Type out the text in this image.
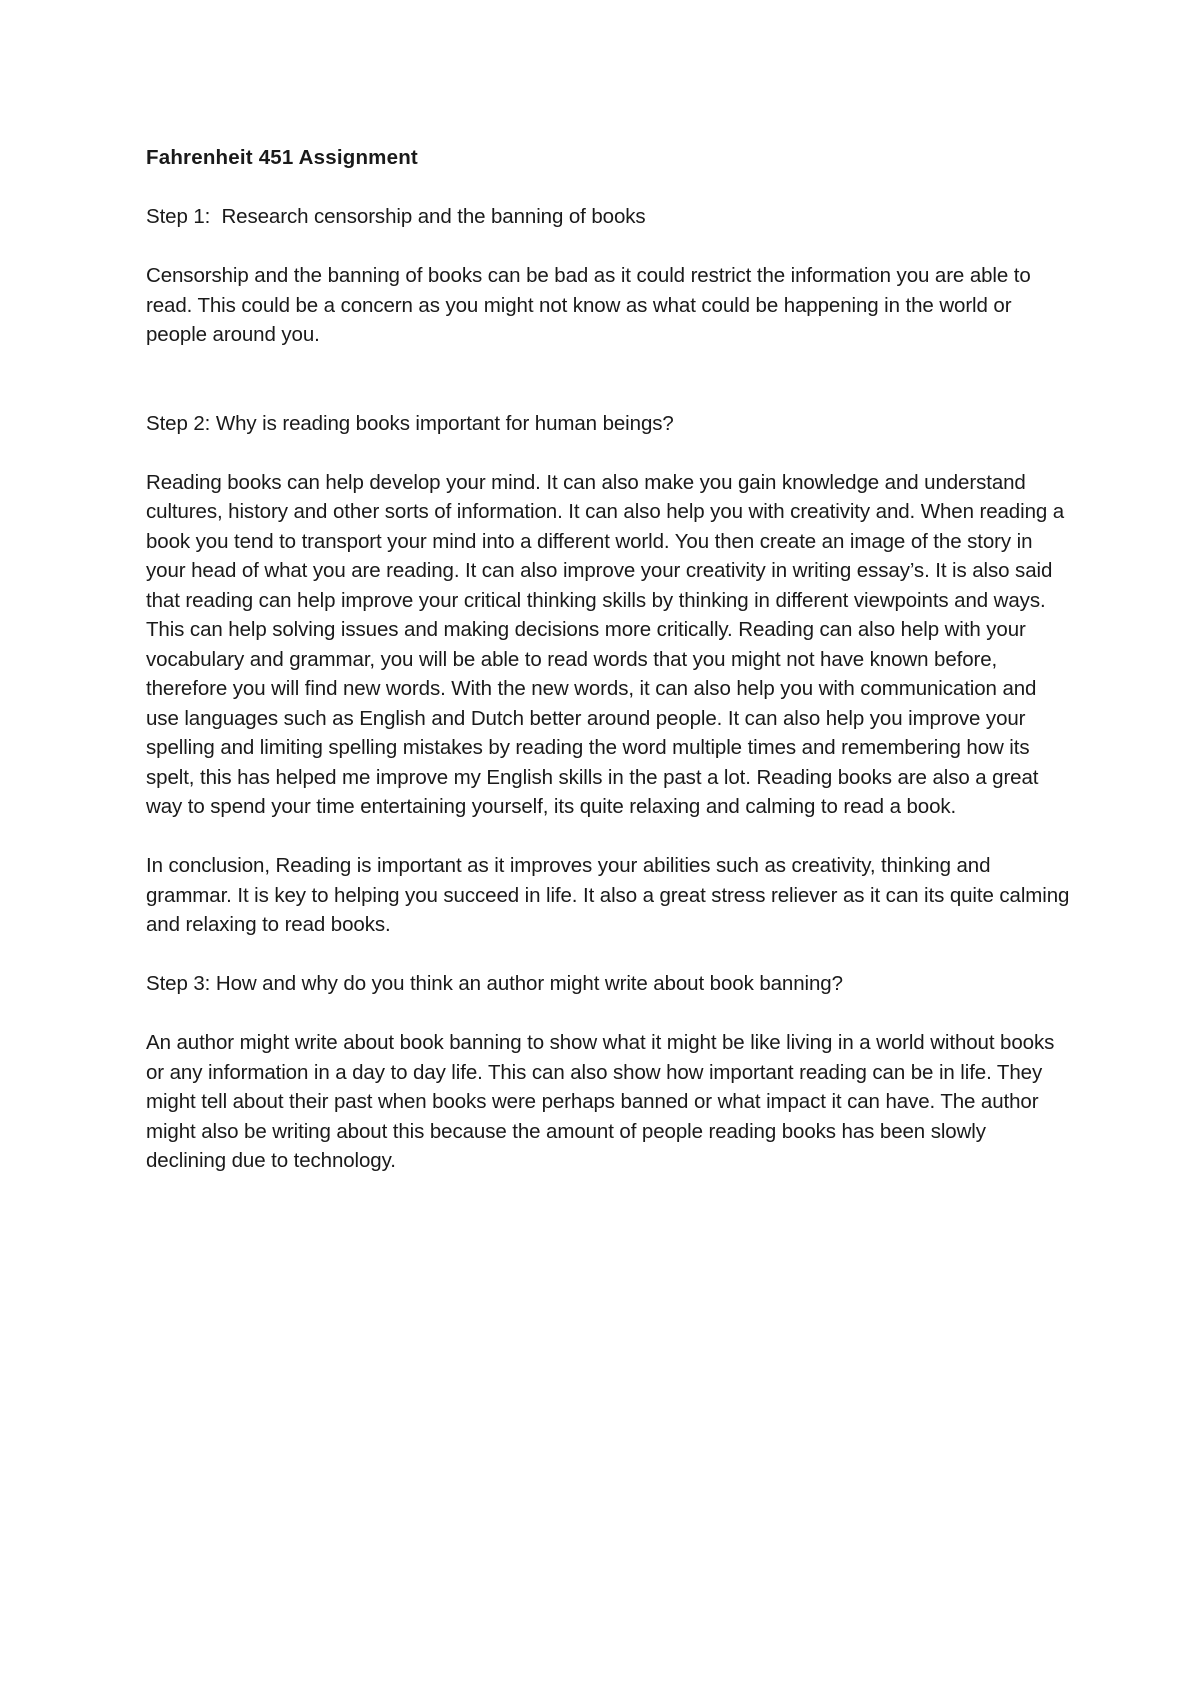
Fahrenheit 451 Assignment
Step 1:  Research censorship and the banning of books
Censorship and the banning of books can be bad as it could restrict the information you are able to read. This could be a concern as you might not know as what could be happening in the world or people around you.
Step 2: Why is reading books important for human beings?
Reading books can help develop your mind. It can also make you gain knowledge and understand cultures, history and other sorts of information. It can also help you with creativity and. When reading a book you tend to transport your mind into a different world. You then create an image of the story in your head of what you are reading. It can also improve your creativity in writing essay’s. It is also said that reading can help improve your critical thinking skills by thinking in different viewpoints and ways. This can help solving issues and making decisions more critically. Reading can also help with your vocabulary and grammar, you will be able to read words that you might not have known before, therefore you will find new words. With the new words, it can also help you with communication and use languages such as English and Dutch better around people. It can also help you improve your spelling and limiting spelling mistakes by reading the word multiple times and remembering how its spelt, this has helped me improve my English skills in the past a lot. Reading books are also a great way to spend your time entertaining yourself, its quite relaxing and calming to read a book.
In conclusion, Reading is important as it improves your abilities such as creativity, thinking and grammar. It is key to helping you succeed in life. It also a great stress reliever as it can its quite calming and relaxing to read books.
Step 3: How and why do you think an author might write about book banning?
An author might write about book banning to show what it might be like living in a world without books or any information in a day to day life. This can also show how important reading can be in life. They might tell about their past when books were perhaps banned or what impact it can have. The author might also be writing about this because the amount of people reading books has been slowly declining due to technology.
